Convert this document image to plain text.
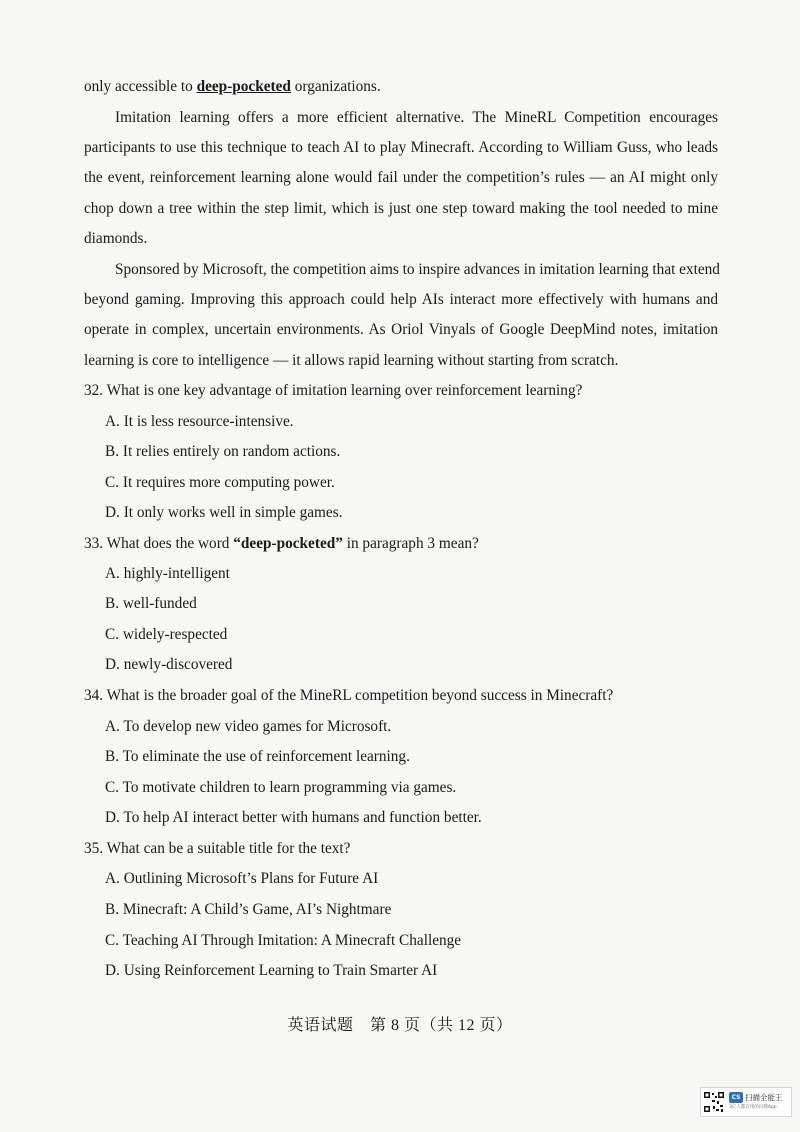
only accessible to deep-pocketed organizations.
Imitation learning offers a more efficient alternative. The MineRL Competition encourages
participants to use this technique to teach AI to play Minecraft. According to William Guss, who leads
the event, reinforcement learning alone would fail under the competition’s rules — an AI might only
chop down a tree within the step limit, which is just one step toward making the tool needed to mine
diamonds.
Sponsored by Microsoft, the competition aims to inspire advances in imitation learning that extend
beyond gaming. Improving this approach could help AIs interact more effectively with humans and
operate in complex, uncertain environments. As Oriol Vinyals of Google DeepMind notes, imitation
learning is core to intelligence — it allows rapid learning without starting from scratch.
32. What is one key advantage of imitation learning over reinforcement learning?
A. It is less resource-intensive.
B. It relies entirely on random actions.
C. It requires more computing power.
D. It only works well in simple games.
33. What does the word “deep-pocketed” in paragraph 3 mean?
A. highly-intelligent
B. well-funded
C. widely-respected
D. newly-discovered
34. What is the broader goal of the MineRL competition beyond success in Minecraft?
A. To develop new video games for Microsoft.
B. To eliminate the use of reinforcement learning.
C. To motivate children to learn programming via games.
D. To help AI interact better with humans and function better.
35. What can be a suitable title for the text?
A. Outlining Microsoft’s Plans for Future AI
B. Minecraft: A Child’s Game, AI’s Nightmare
C. Teaching AI Through Imitation: A Minecraft Challenge
D. Using Reinforcement Learning to Train Smarter AI
英语试题　第 8 页（共 12 页）
CS 扫描全能王
3亿人都在用的扫描App
